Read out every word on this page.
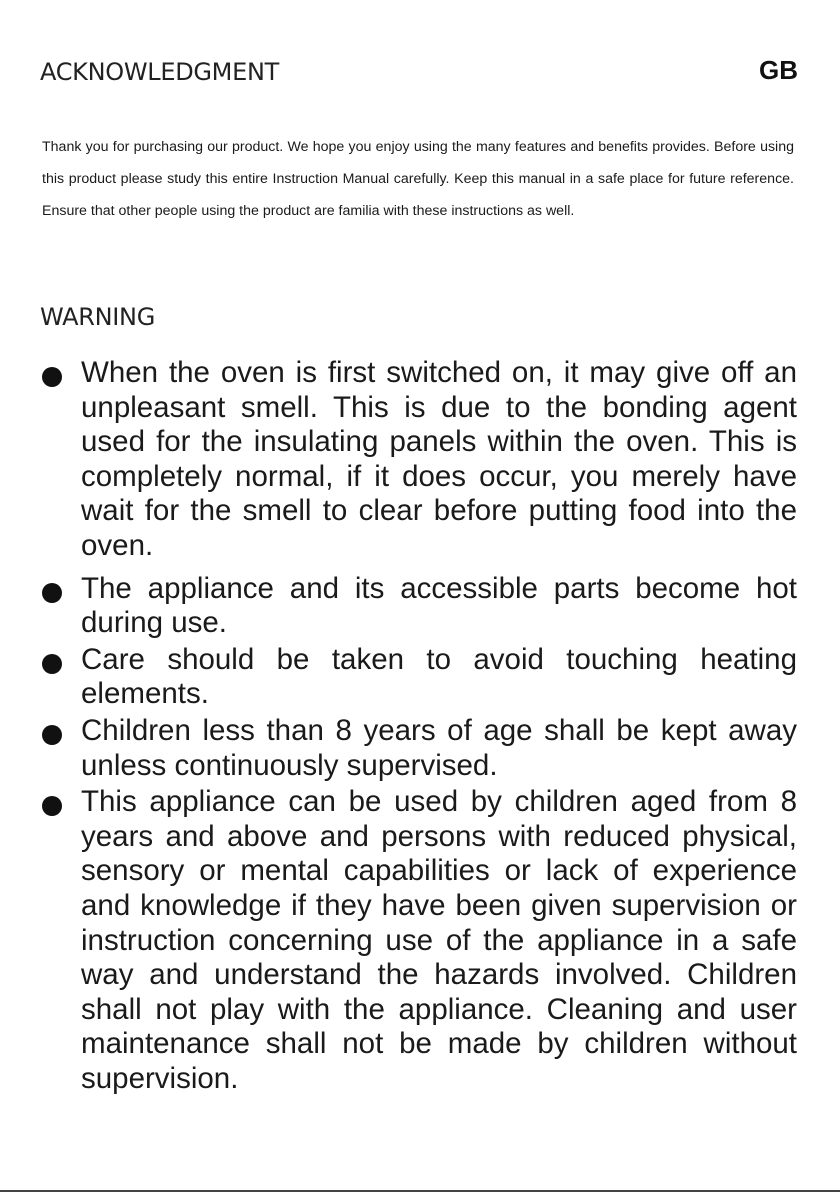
ACKNOWLEDGMENT	GB

Thank you for purchasing our product. We hope you enjoy using the many features and benefits provides. Before using this product please study this entire Instruction Manual carefully. Keep this manual in a safe place for future reference. Ensure that other people using the product are familia with these instructions as well.

WARNING
When the oven is first switched on, it may give off an unpleasant smell. This is due to the bonding agent used for the insulating panels within the oven. This is completely normal, if it does occur, you merely have wait for the smell to clear before putting food into the oven.
The appliance and its accessible parts become hot during use.
Care should be taken to avoid touching heating elements.
Children less than 8 years of age shall be kept away unless continuously supervised.
This appliance can be used by children aged from 8 years and above and persons with reduced physical, sensory or mental capabilities or lack of experience and knowledge if they have been given supervision or instruction concerning use of the appliance in a safe way and understand the hazards involved. Children shall not play with the appliance. Cleaning and user maintenance shall not be made by children without supervision.
